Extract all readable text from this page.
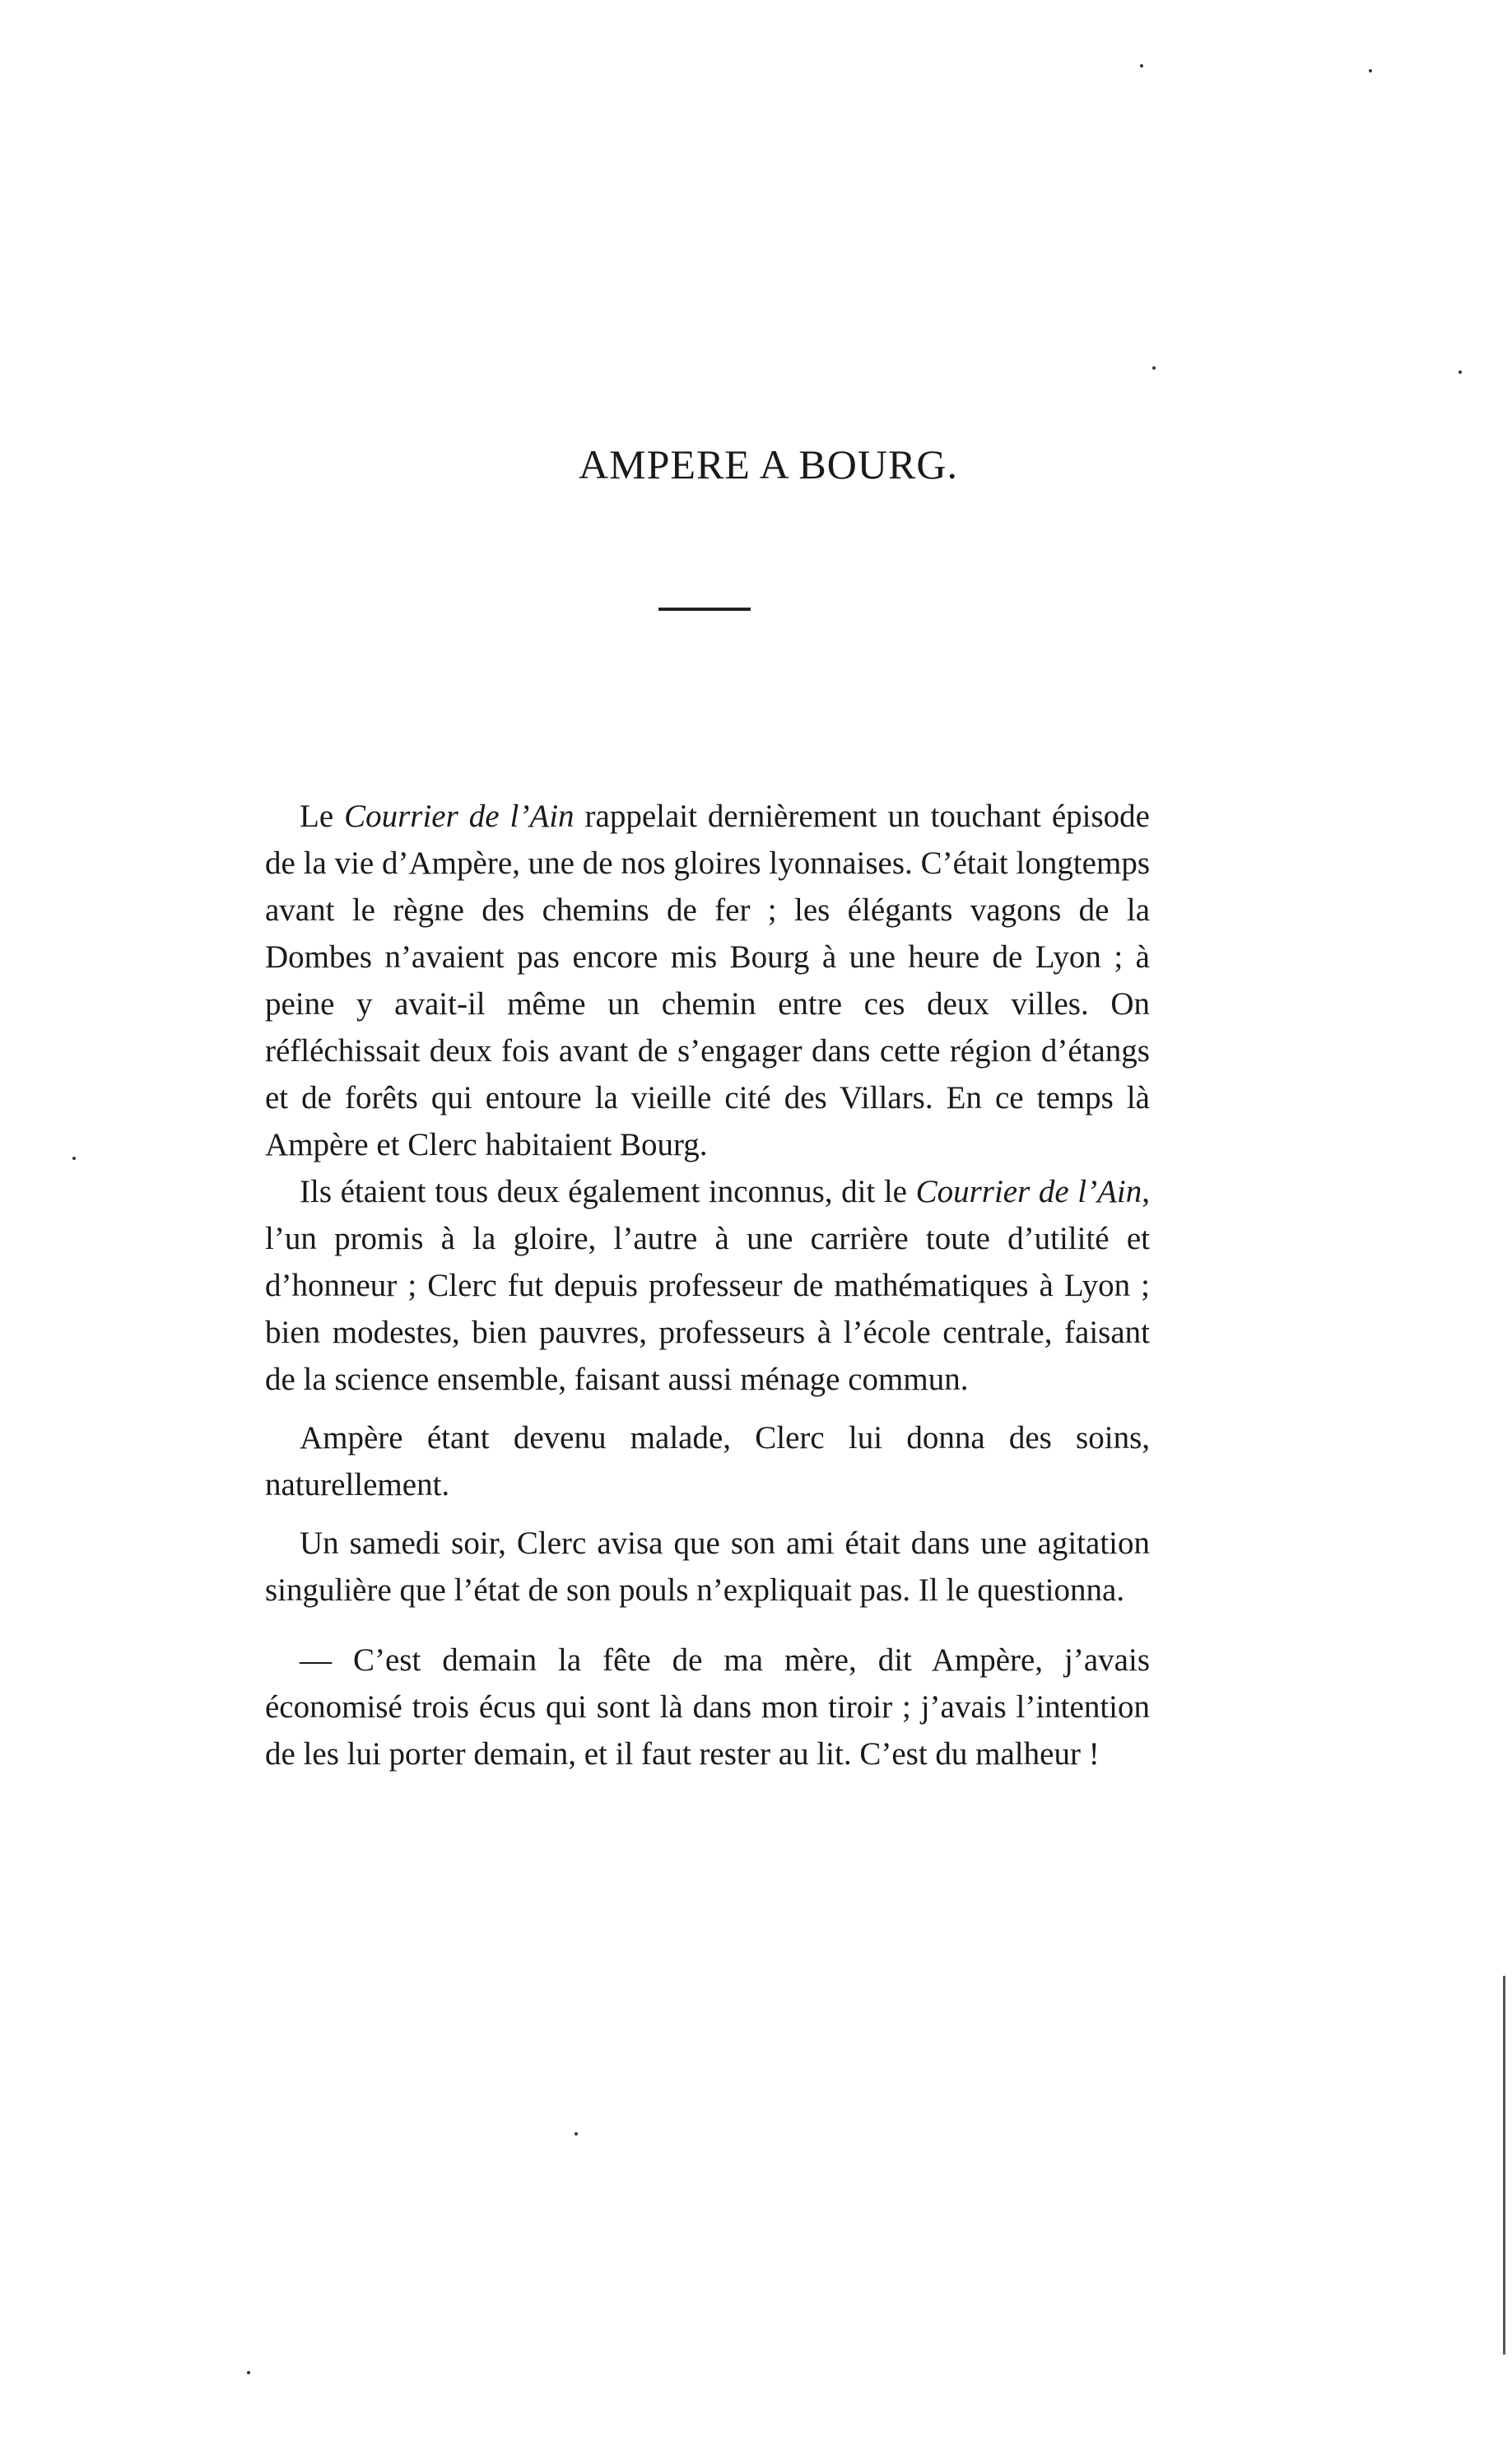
AMPERE A BOURG.

Le Courrier de l’Ain rappelait dernièrement un touchant épisode de la vie d’Ampère, une de nos gloires lyonnaises. C’était longtemps avant le règne des chemins de fer ; les élégants vagons de la Dombes n’avaient pas encore mis Bourg à une heure de Lyon ; à peine y avait-il même un chemin entre ces deux villes. On réfléchissait deux fois avant de s’engager dans cette région d’étangs et de forêts qui entoure la vieille cité des Villars. En ce temps là Ampère et Clerc habitaient Bourg.

Ils étaient tous deux également inconnus, dit le Courrier de l’Ain, l’un promis à la gloire, l’autre à une carrière toute d’utilité et d’honneur ; Clerc fut depuis professeur de mathématiques à Lyon ; bien modestes, bien pauvres, professeurs à l’école centrale, faisant de la science ensemble, faisant aussi ménage commun.

Ampère étant devenu malade, Clerc lui donna des soins, naturellement.

Un samedi soir, Clerc avisa que son ami était dans une agitation singulière que l’état de son pouls n’expliquait pas. Il le questionna.

— C’est demain la fête de ma mère, dit Ampère, j’avais économisé trois écus qui sont là dans mon tiroir ; j’avais l’intention de les lui porter demain, et il faut rester au lit. C’est du malheur !
